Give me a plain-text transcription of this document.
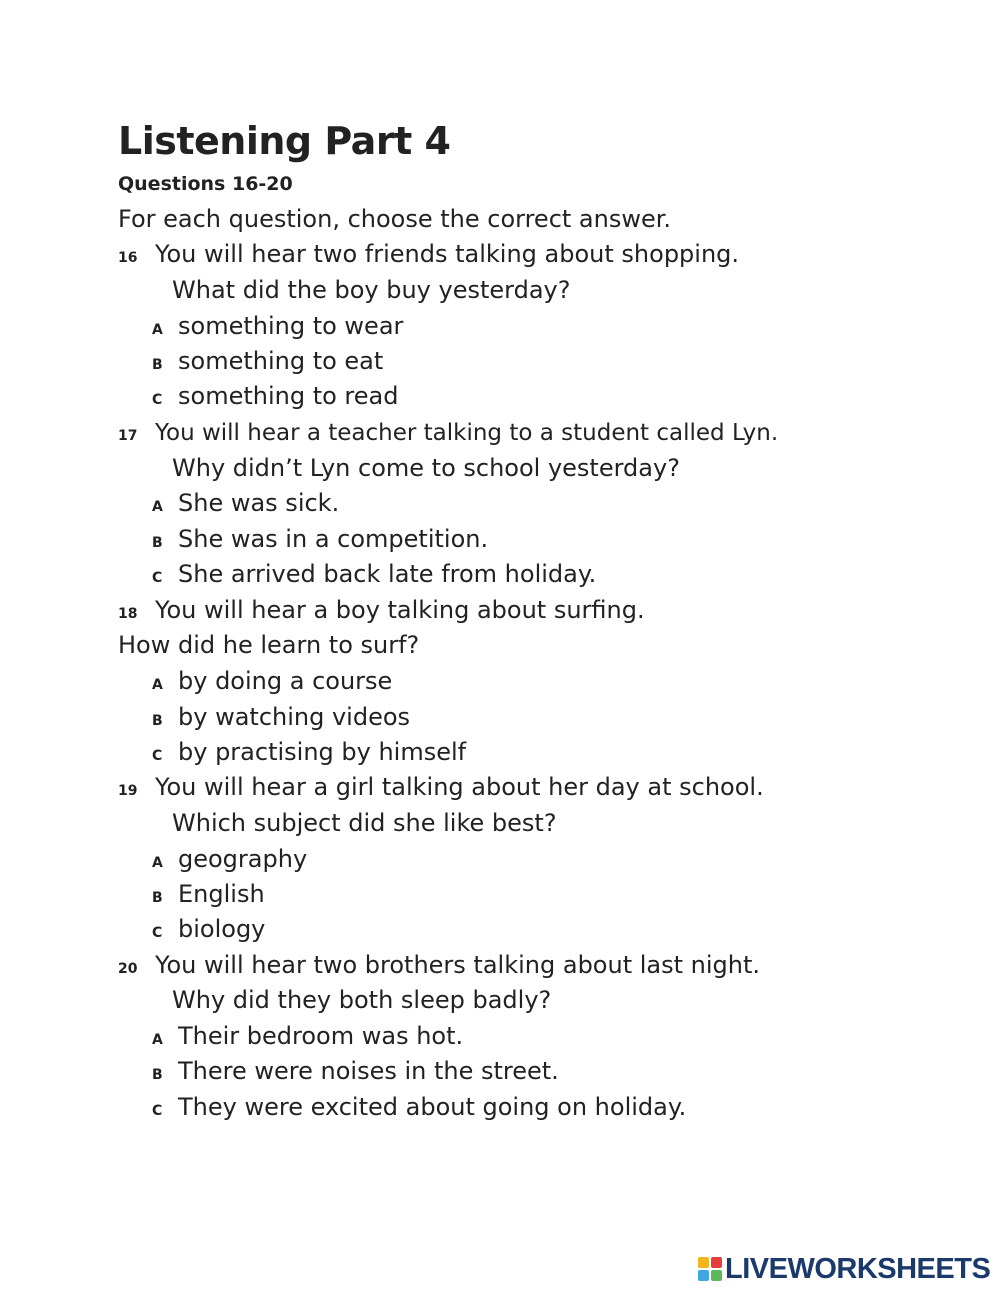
Listening Part 4
Questions 16-20
For each question, choose the correct answer.
16 You will hear two friends talking about shopping.
What did the boy buy yesterday?
A something to wear
B something to eat
C something to read
17 You will hear a teacher talking to a student called Lyn.
Why didn’t Lyn come to school yesterday?
A She was sick.
B She was in a competition.
C She arrived back late from holiday.
18 You will hear a boy talking about surfing.
How did he learn to surf?
A by doing a course
B by watching videos
C by practising by himself
19 You will hear a girl talking about her day at school.
Which subject did she like best?
A geography
B English
C biology
20 You will hear two brothers talking about last night.
Why did they both sleep badly?
A Their bedroom was hot.
B There were noises in the street.
C They were excited about going on holiday.
LIVEWORKSHEETS
